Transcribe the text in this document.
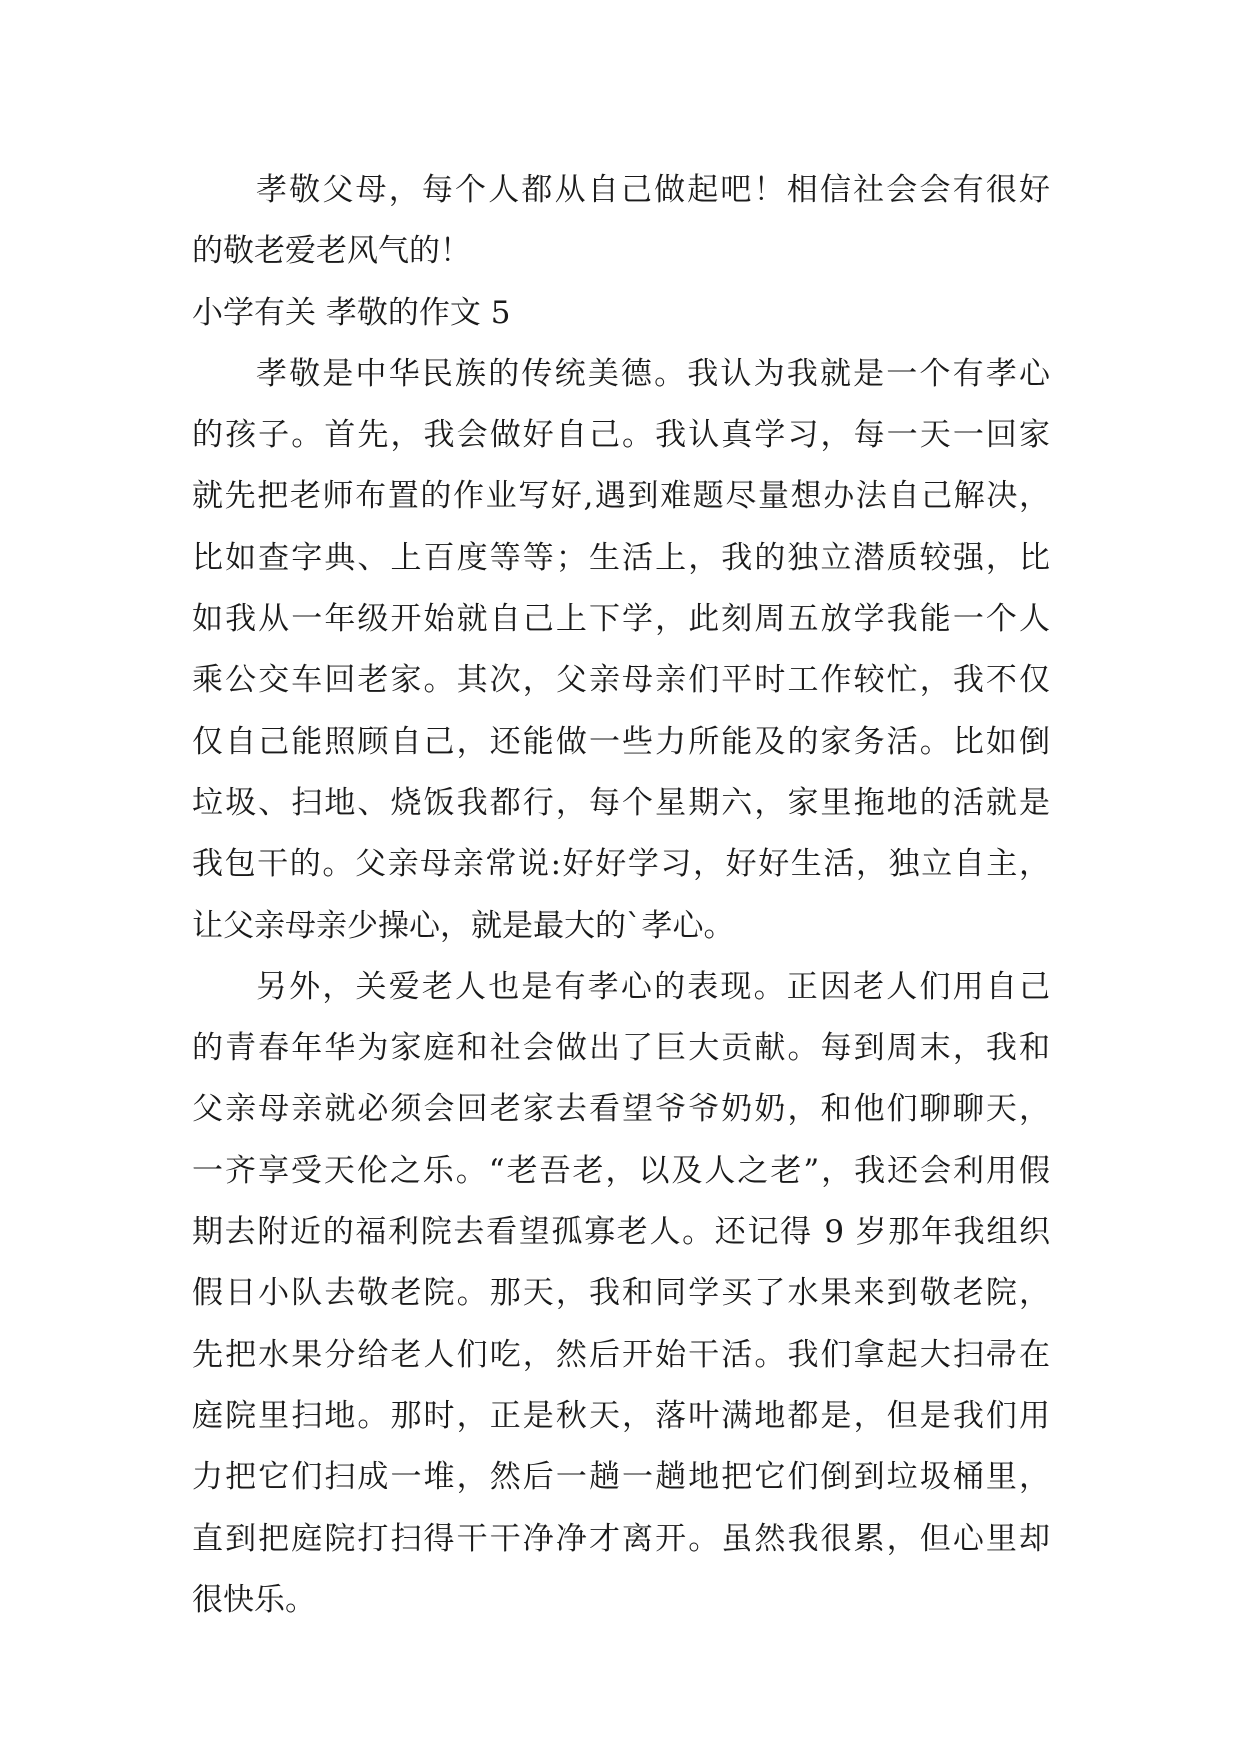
孝敬父母，每个人都从自己做起吧！相信社会会有很好
的敬老爱老风气的！
小学有关 孝敬的作文 5
孝敬是中华民族的传统美德。我认为我就是一个有孝心
的孩子。首先，我会做好自己。我认真学习，每一天一回家
就先把老师布置的作业写好,遇到难题尽量想办法自己解决，
比如查字典、上百度等等；生活上，我的独立潜质较强，比
如我从一年级开始就自己上下学，此刻周五放学我能一个人
乘公交车回老家。其次，父亲母亲们平时工作较忙，我不仅
仅自己能照顾自己，还能做一些力所能及的家务活。比如倒
垃圾、扫地、烧饭我都行，每个星期六，家里拖地的活就是
我包干的。父亲母亲常说:好好学习，好好生活，独立自主，
让父亲母亲少操心，就是最大的`孝心。
另外，关爱老人也是有孝心的表现。正因老人们用自己
的青春年华为家庭和社会做出了巨大贡献。每到周末，我和
父亲母亲就必须会回老家去看望爷爷奶奶，和他们聊聊天，
一齐享受天伦之乐。“老吾老，以及人之老”，我还会利用假
期去附近的福利院去看望孤寡老人。还记得 9 岁那年我组织
假日小队去敬老院。那天，我和同学买了水果来到敬老院，
先把水果分给老人们吃，然后开始干活。我们拿起大扫帚在
庭院里扫地。那时，正是秋天，落叶满地都是，但是我们用
力把它们扫成一堆，然后一趟一趟地把它们倒到垃圾桶里，
直到把庭院打扫得干干净净才离开。虽然我很累，但心里却
很快乐。
